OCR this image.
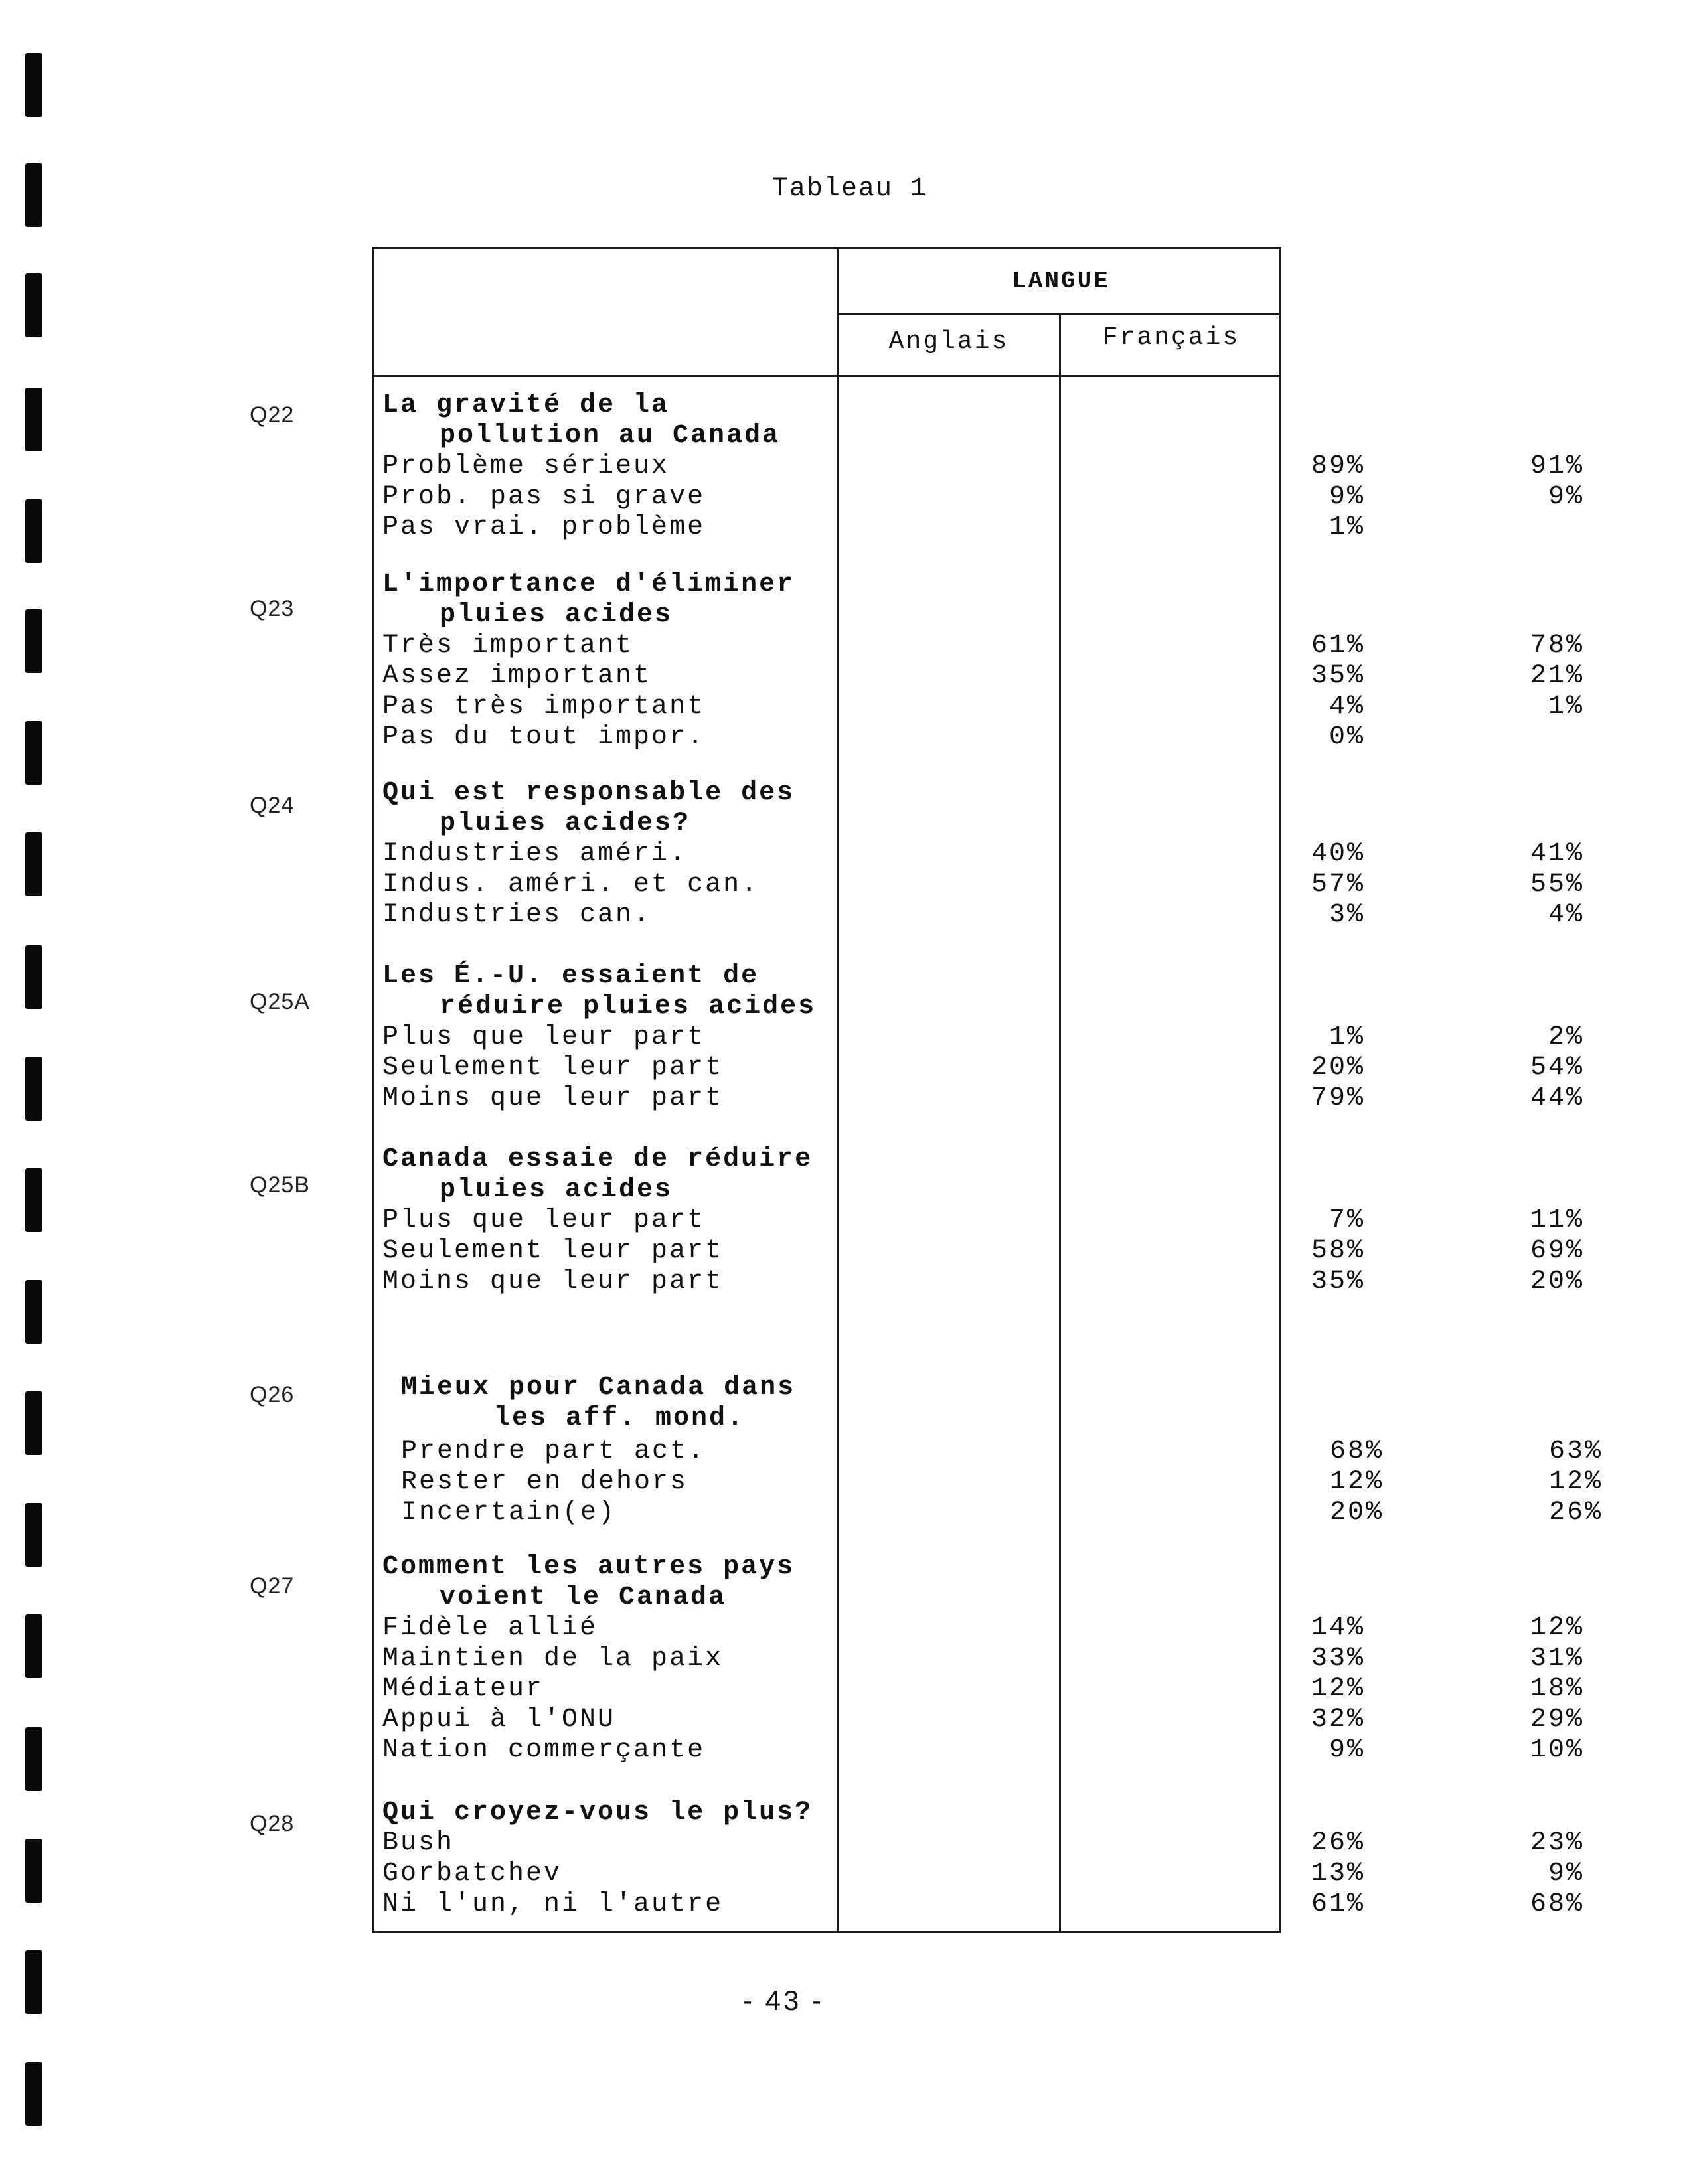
Tableau 1
LANGUE
Anglais	Français
Q22	La gravité de la
pollution au Canada
Problème sérieux	89%	91%
Prob. pas si grave	9%	9%
Pas vrai. problème	1%
Q23
L'importance d'éliminer
pluies acides
Très important	61%	78%
Assez important	35%	21%
Pas très important	4%	1%
Pas du tout impor.	0%
Q24	Qui est responsable des
pluies acides?
Industries améri.	40%	41%
Indus. améri. et can.	57%	55%
Industries can.	3%	4%
Q25A
Les É.-U. essaient de
réduire pluies acides
Plus que leur part	1%	2%
Seulement leur part	20%	54%
Moins que leur part	79%	44%
Q25B
Canada essaie de réduire
pluies acides
Plus que leur part	7%	11%
Seulement leur part	58%	69%
Moins que leur part	35%	20%
Q26	Mieux pour Canada dans
les aff. mond.
Prendre part act.	68%	63%
Rester en dehors	12%	12%
Incertain(e)	20%	26%
Q27
Comment les autres pays
voient le Canada
Fidèle allié	14%	12%
Maintien de la paix	33%	31%
Médiateur	12%	18%
Appui à l'ONU	32%	29%
Nation commerçante	9%	10%
Q28	Qui croyez-vous le plus?
Bush	26%	23%
Gorbatchev	13%	9%
Ni l'un, ni l'autre	61%	68%
- 43 -
